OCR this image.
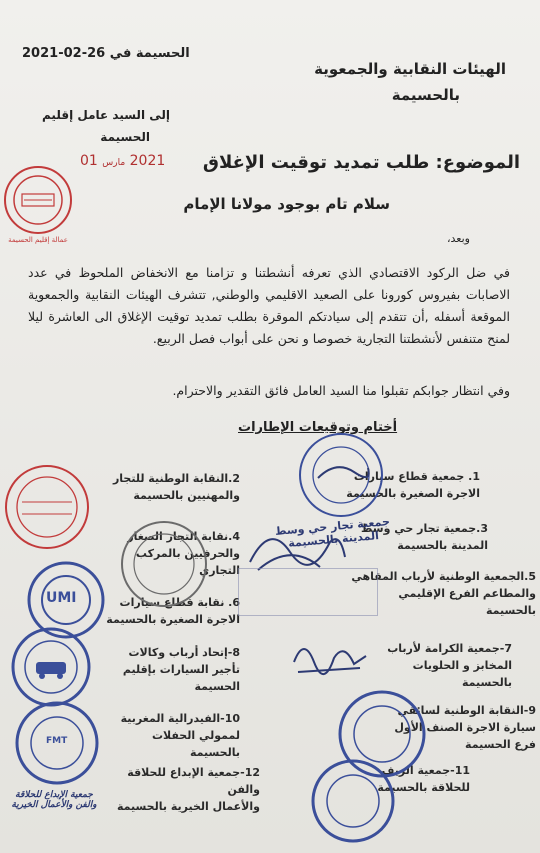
الهيئات النقابية والجمعوية
بالحسيمة
الحسيمة في 26-02-2021
إلى السيد عامل إقليم
الحسيمة
عمالة إقليم الحسيمة
2021 مارس 01	الموضوع: طلب تمديد توقيت الإغلاق
سلام تام بوجود مولانا الإمام
وبعد،
في ضل الركود الاقتصادي الذي تعرفه أنشطتنا و تزامنا مع الانخفاض الملحوظ في عدد الاصابات بفيروس كورونا على الصعيد الاقليمي والوطني, تتشرف الهيئات النقابية والجمعوية الموقعة أسفله ,أن تتقدم إلى سيادتكم الموقرة بطلب تمديد توقيت الإغلاق الى العاشرة ليلا لمنح متنفس لأنشطتنا التجارية خصوصا و نحن على أبواب فصل الربيع.
وفي انتظار جوابكم تقبلوا منا السيد العامل فائق التقدير والاحترام.
أختام وتوقيعات الإطارات
1. جمعية قطاع سيارات
الاجرة الصغيرة بالحسيمة
3.جمعية تجار حي وسط
المدينة بالحسيمة
5.الجمعية الوطنية لأرباب المقاهي
والمطاعم الفرع الإقليمي
بالحسيمة
7-جمعية الكرامة لأرباب
المخابز و الحلويات
بالحسيمة
9-النقابة الوطنية لسائقي
سيارة الاجرة الصنف الأول
فرع الحسيمة
11-جمعية الريف
للحلاقة بالحسيمة
2.النقابة الوطنية للتجار
والمهنيين بالحسيمة
4.نقابة التجار الصغار
والحرفيين بالمركب التجاري
6. نقابة قطاع سيارات
الاجرة الصغيرة بالحسيمة
8-إتحاد أرباب وكالات
تأجير السيارات بإقليم
الحسيمة
10-الفيدرالية المغربية
لممولي الحفلات بالحسيمة
12-جمعية الإبداع للحلاقة والفن
والأعمال الخيرية بالحسيمة
جمعية تجار حي وسط المدينة بالحسيمة
UMI
FMT
جمعية الإبداع للحلاقة والفن والأعمال الخيرية
